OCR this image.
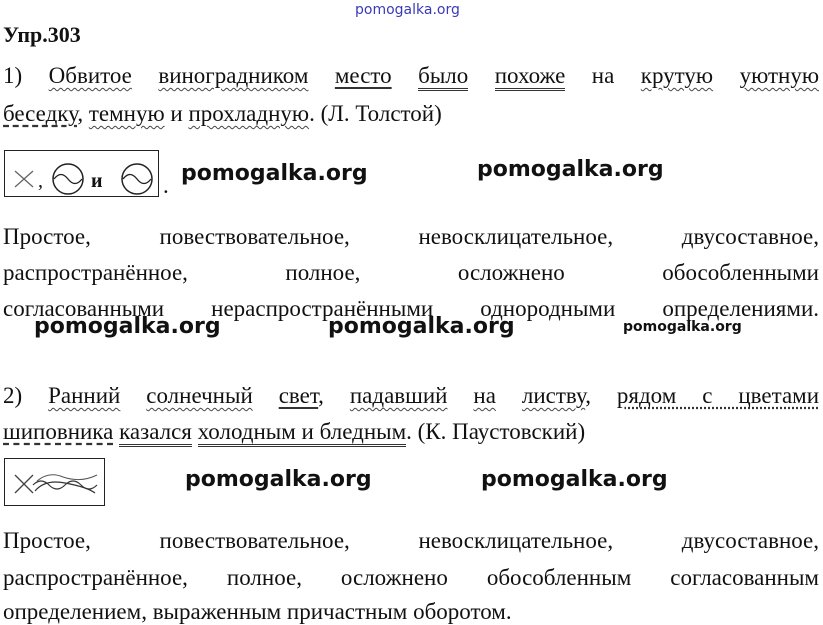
pomogalka.org
Упр.303
1) Обвитое виноградником место было похоже на крутую уютную
беседку, темную и прохладную. (Л. Толстой)
, и	. pomogalka.org	pomogalka.org
Простое, повествовательное, невосклицательное, двусоставное,
распространённое, полное, осложнено обособленными
согласованными нераспространёнными однородными определениями.
pomogalka.org	pomogalka.org	pomogalka.org
2) Ранний солнечный свет, падавший на листву, рядом с цветами
шиповника казался холодным и бледным. (К. Паустовский)
pomogalka.org	pomogalka.org
Простое, повествовательное, невосклицательное, двусоставное,
распространённое, полное, осложнено обособленным согласованным
определением, выраженным причастным оборотом.
